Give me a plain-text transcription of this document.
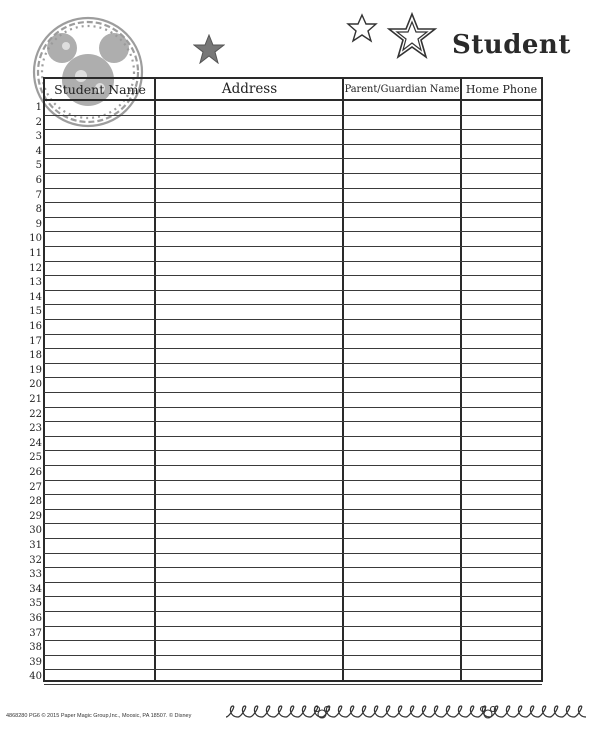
Student
Student Name	Address	Parent/Guardian Name Home Phone
1
2
3
4
5
6
7
8
9
10
11
12
13
14
15
16
17
18
19
20
21
22
23
24
25
26
27
28
29
30
31
32
33
34
35
36
37
38
39
40
4868280 PG6 © 2015 Paper Magic Group,Inc., Moosic, PA 18507. © Disney
